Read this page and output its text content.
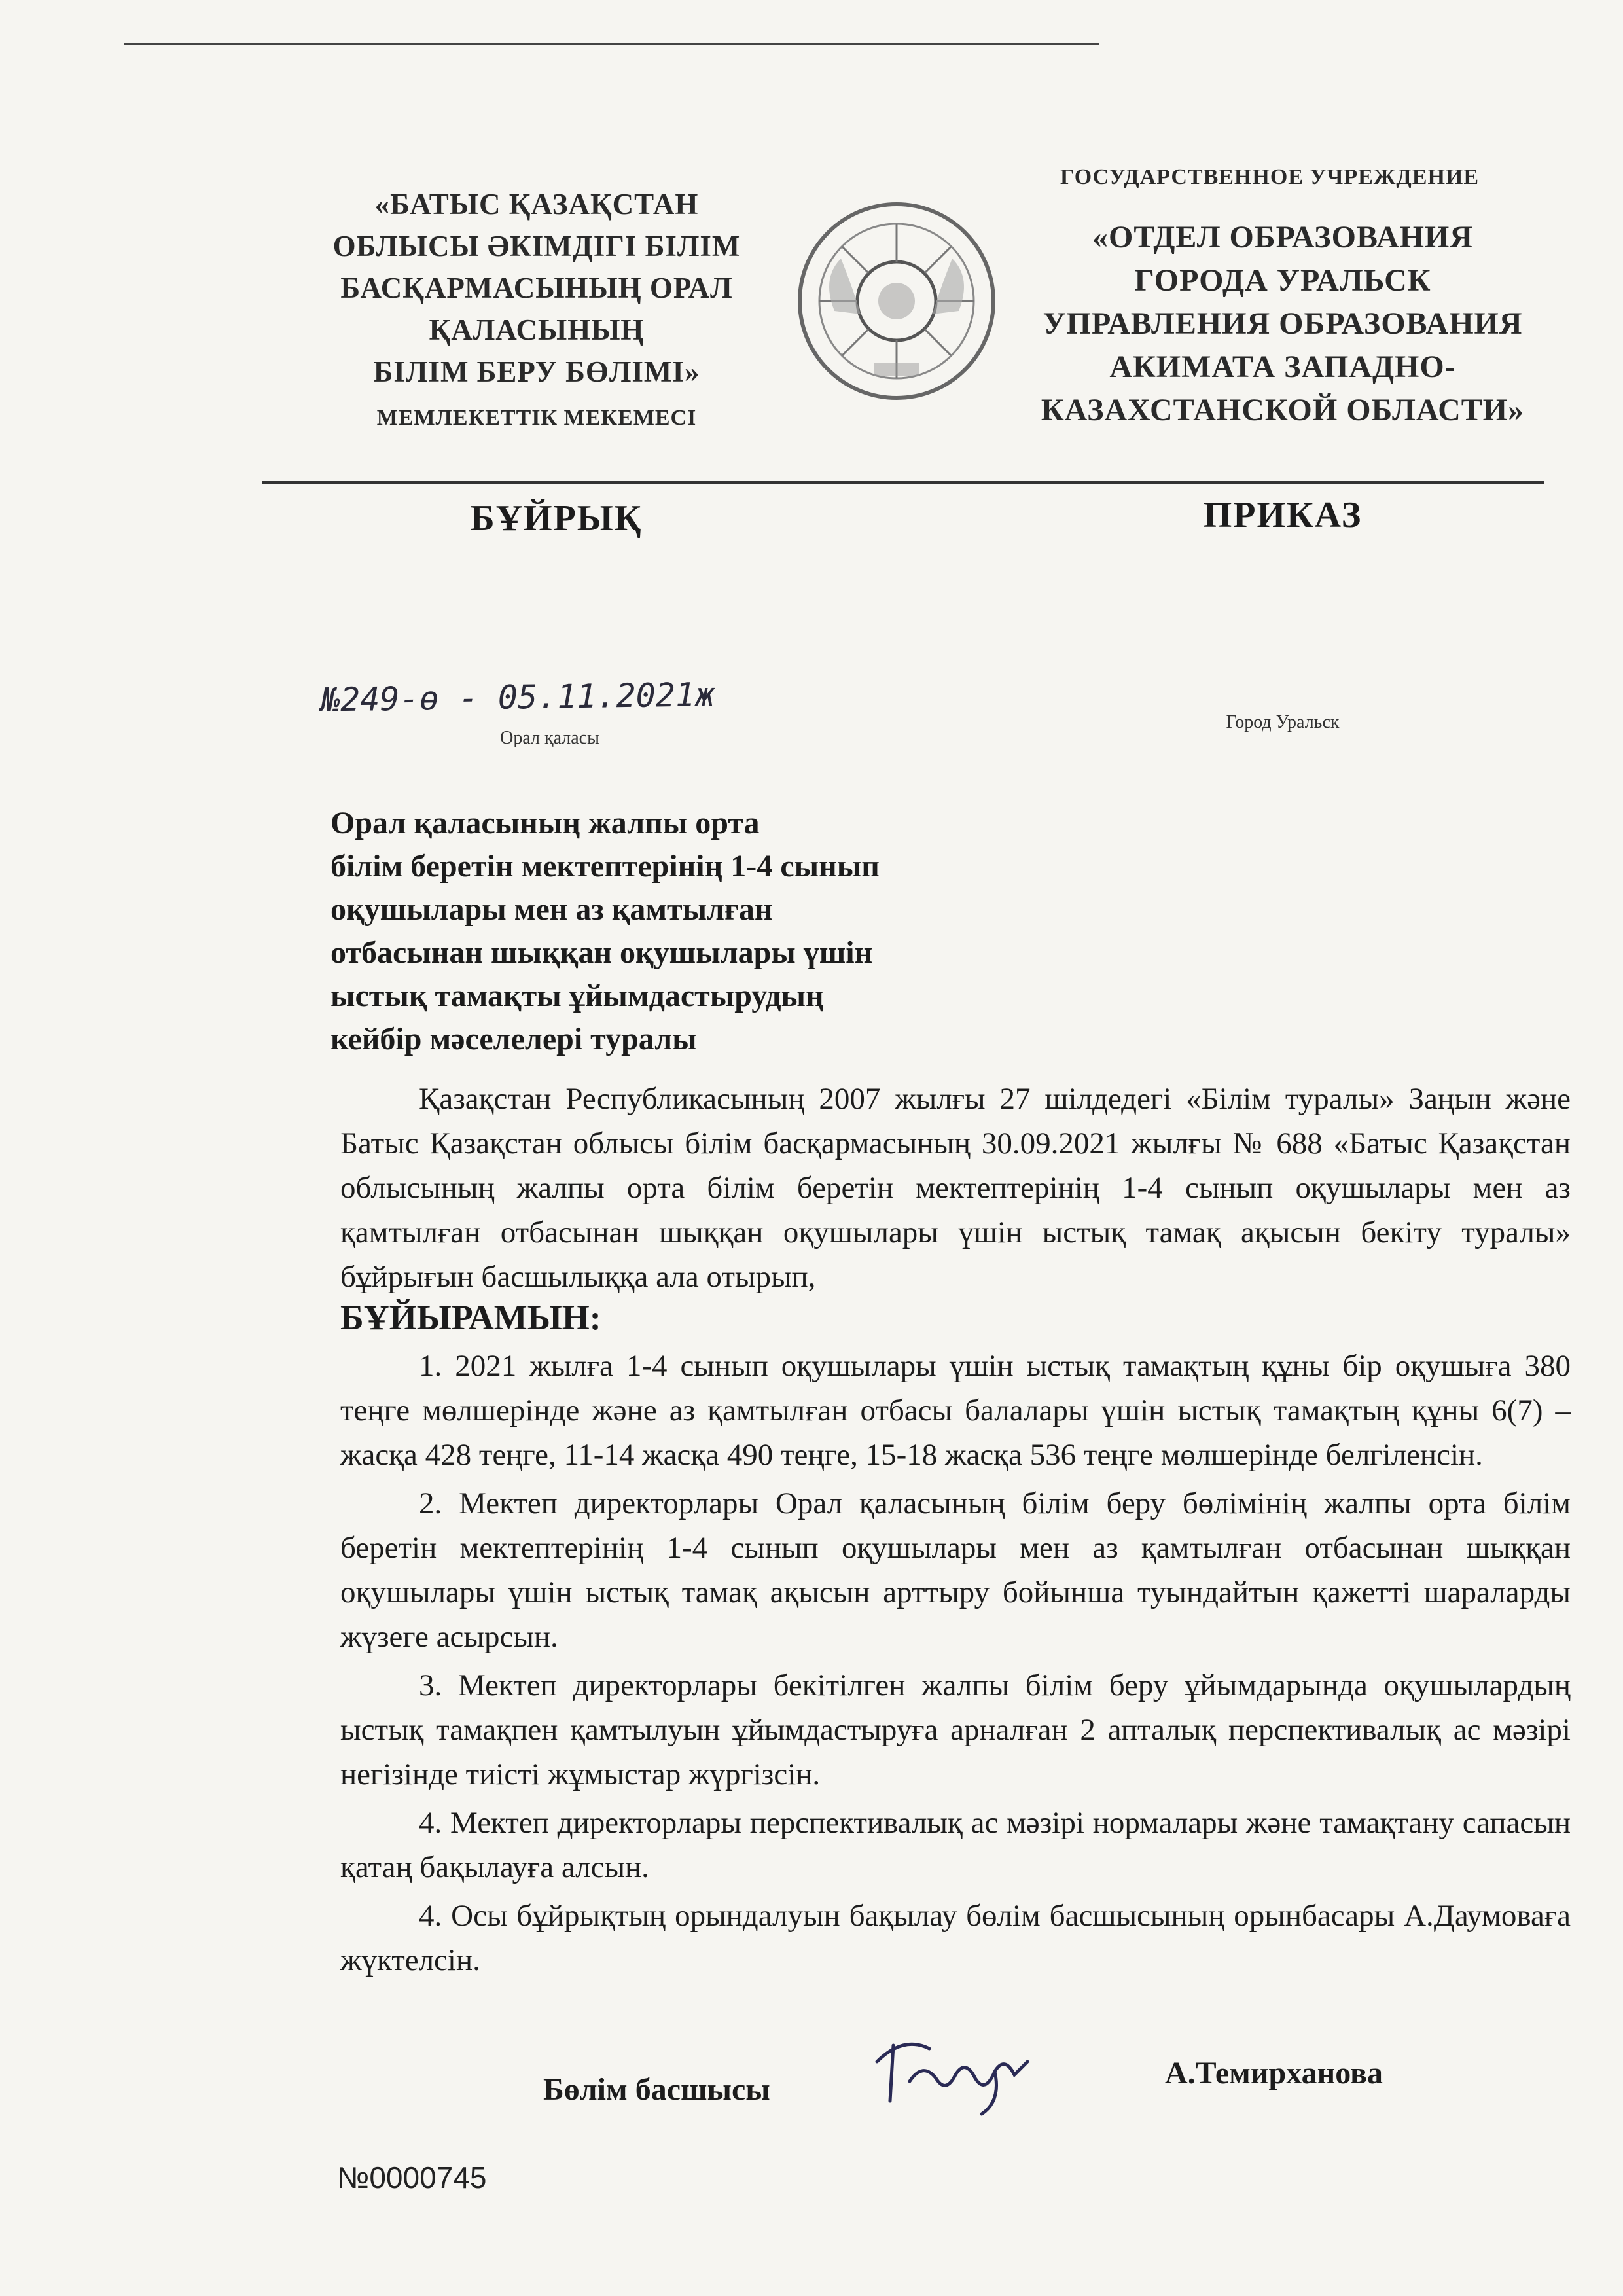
«БАТЫС ҚАЗАҚСТАН
ОБЛЫСЫ ӘКІМДІГІ БІЛІМ
БАСҚАРМАСЫНЫҢ ОРАЛ
ҚАЛАСЫНЫҢ
БІЛІМ БЕРУ БӨЛІМІ»
МЕМЛЕКЕТТІК МЕКЕМЕСІ
ГОСУДАРСТВЕННОЕ УЧРЕЖДЕНИЕ
«ОТДЕЛ ОБРАЗОВАНИЯ
ГОРОДА УРАЛЬСК
УПРАВЛЕНИЯ ОБРАЗОВАНИЯ
АКИМАТА ЗАПАДНО-
КАЗАХСТАНСКОЙ ОБЛАСТИ»
БҰЙРЫҚ	ПРИКАЗ
№249-ө - 05.11.2021ж
Орал қаласы
Город Уральск
Орал қаласының жалпы орта
білім беретін мектептерінің 1-4 сынып
оқушылары мен аз қамтылған
отбасынан шыққан оқушылары үшін
ыстық тамақты ұйымдастырудың
кейбір мәселелері туралы

Қазақстан Республикасының 2007 жылғы 27 шілдедегі «Білім туралы» Заңын және Батыс Қазақстан облысы білім басқармасының 30.09.2021 жылғы № 688 «Батыс Қазақстан облысының жалпы орта білім беретін мектептерінің 1-4 сынып оқушылары мен аз қамтылған отбасынан шыққан оқушылары үшін ыстық тамақ ақысын бекіту туралы» бұйрығын басшылыққа ала отырып,

БҰЙЫРАМЫН:

1. 2021 жылға 1-4 сынып оқушылары үшін ыстық тамақтың құны бір оқушыға 380 теңге мөлшерінде және аз қамтылған отбасы балалары үшін ыстық тамақтың құны 6(7) – жасқа 428 теңге, 11-14 жасқа 490 теңге, 15-18 жасқа 536 теңге мөлшерінде белгіленсін.

2. Мектеп директорлары Орал қаласының білім беру бөлімінің жалпы орта білім беретін мектептерінің 1-4 сынып оқушылары мен аз қамтылған отбасынан шыққан оқушылары үшін ыстық тамақ ақысын арттыру бойынша туындайтын қажетті шараларды жүзеге асырсын.

3. Мектеп директорлары бекітілген жалпы білім беру ұйымдарында оқушылардың ыстық тамақпен қамтылуын ұйымдастыруға арналған 2 апталық перспективалық ас мәзірі негізінде тиісті жұмыстар жүргізсін.

4. Мектеп директорлары перспективалық ас мәзірі нормалары және тамақтану сапасын қатаң бақылауға алсын.

4. Осы бұйрықтың орындалуын бақылау бөлім басшысының орынбасары А.Даумоваға жүктелсін.

Бөлім басшысы	А.Темирханова
№0000745
